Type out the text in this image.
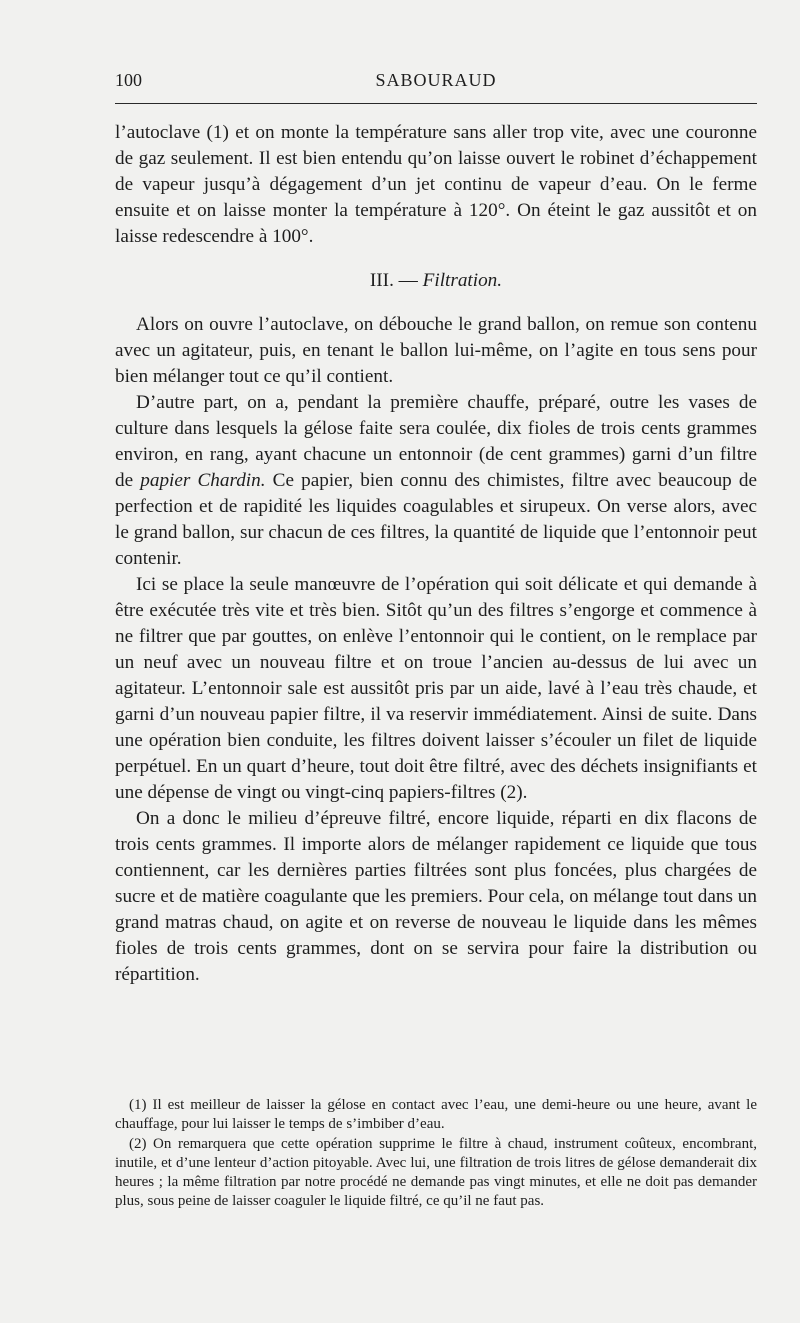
100	SABOURAUD

l’autoclave (1) et on monte la température sans aller trop vite, avec une couronne de gaz seulement. Il est bien entendu qu’on laisse ouvert le robinet d’échappement de vapeur jusqu’à dégagement d’un jet continu de vapeur d’eau. On le ferme ensuite et on laisse monter la température à 120°. On éteint le gaz aussitôt et on laisse redescendre à 100°.

III. — Filtration.

Alors on ouvre l’autoclave, on débouche le grand ballon, on remue son contenu avec un agitateur, puis, en tenant le ballon lui-même, on l’agite en tous sens pour bien mélanger tout ce qu’il contient.

D’autre part, on a, pendant la première chauffe, préparé, outre les vases de culture dans lesquels la gélose faite sera coulée, dix fioles de trois cents grammes environ, en rang, ayant chacune un entonnoir (de cent grammes) garni d’un filtre de papier Chardin. Ce papier, bien connu des chimistes, filtre avec beaucoup de perfection et de rapidité les liquides coagulables et sirupeux. On verse alors, avec le grand ballon, sur chacun de ces filtres, la quantité de liquide que l’entonnoir peut contenir.

Ici se place la seule manœuvre de l’opération qui soit délicate et qui demande à être exécutée très vite et très bien. Sitôt qu’un des filtres s’engorge et commence à ne filtrer que par gouttes, on enlève l’entonnoir qui le contient, on le remplace par un neuf avec un nouveau filtre et on troue l’ancien au-dessus de lui avec un agitateur. L’entonnoir sale est aussitôt pris par un aide, lavé à l’eau très chaude, et garni d’un nouveau papier filtre, il va reservir immédiatement. Ainsi de suite. Dans une opération bien conduite, les filtres doivent laisser s’écouler un filet de liquide perpétuel. En un quart d’heure, tout doit être filtré, avec des déchets insignifiants et une dépense de vingt ou vingt-cinq papiers-filtres (2).

On a donc le milieu d’épreuve filtré, encore liquide, réparti en dix flacons de trois cents grammes. Il importe alors de mélanger rapidement ce liquide que tous contiennent, car les dernières parties filtrées sont plus foncées, plus chargées de sucre et de matière coagulante que les premiers. Pour cela, on mélange tout dans un grand matras chaud, on agite et on reverse de nouveau le liquide dans les mêmes fioles de trois cents grammes, dont on se servira pour faire la distribution ou répartition.

(1) Il est meilleur de laisser la gélose en contact avec l’eau, une demi-heure ou une heure, avant le chauffage, pour lui laisser le temps de s’imbiber d’eau.

(2) On remarquera que cette opération supprime le filtre à chaud, instrument coûteux, encombrant, inutile, et d’une lenteur d’action pitoyable. Avec lui, une filtration de trois litres de gélose demanderait dix heures ; la même filtration par notre procédé ne demande pas vingt minutes, et elle ne doit pas demander plus, sous peine de laisser coaguler le liquide filtré, ce qu’il ne faut pas.
